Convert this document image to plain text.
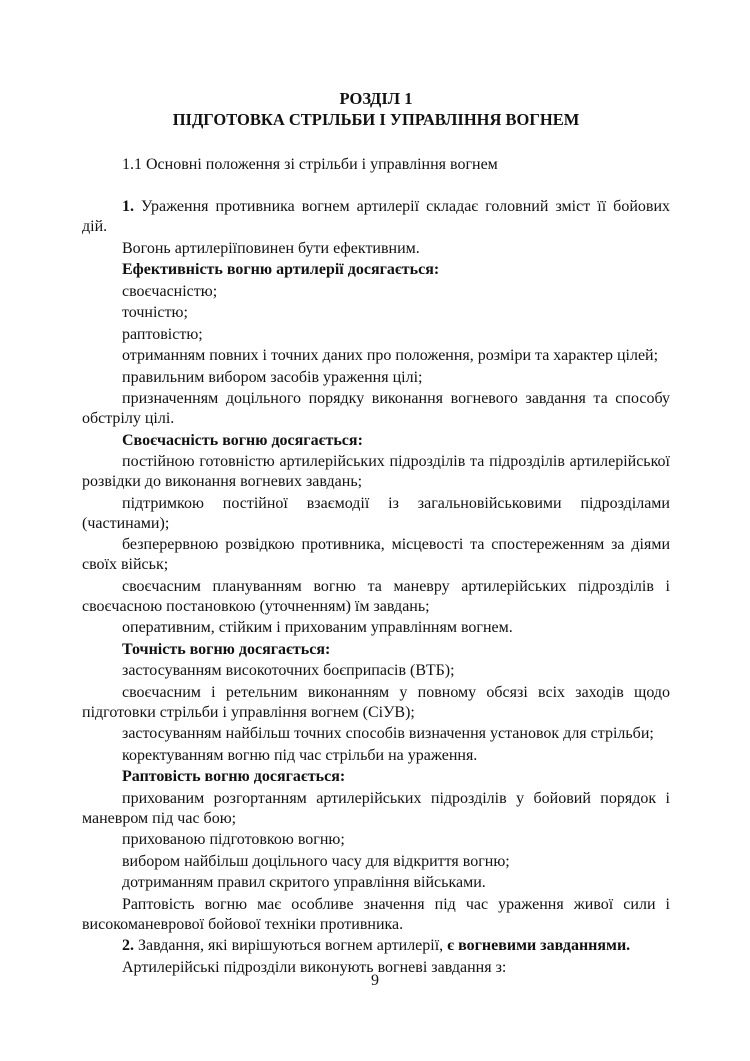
РОЗДІЛ 1
ПІДГОТОВКА СТРІЛЬБИ І УПРАВЛІННЯ ВОГНЕМ
1.1 Основні положення зі стрільби і управління вогнем
1. Ураження противника вогнем артилерії складає головний зміст її бойових дій.
Вогонь артилеріїповинен бути ефективним.
Ефективність вогню артилерії досягається:
своєчасністю;
точністю;
раптовістю;
отриманням повних і точних даних про положення, розміри та характер цілей;
правильним вибором засобів ураження цілі;
призначенням доцільного порядку виконання вогневого завдання та способу обстрілу цілі.
Своєчасність вогню досягається:
постійною готовністю артилерійських підрозділів та підрозділів артилерійської розвідки до виконання вогневих завдань;
підтримкою постійної взаємодії із загальновійськовими підрозділами (частинами);
безперервною розвідкою противника, місцевості та спостереженням за діями своїх військ;
своєчасним плануванням вогню та маневру артилерійських підрозділів і своєчасною постановкою (уточненням) їм завдань;
оперативним, стійким і прихованим управлінням вогнем.
Точність вогню досягається:
застосуванням високоточних боєприпасів (ВТБ);
своєчасним і ретельним виконанням у повному обсязі всіх заходів щодо підготовки стрільби і управління вогнем (СіУВ);
застосуванням найбільш точних способів визначення установок для стрільби;
коректуванням вогню під час стрільби на ураження.
Раптовість вогню досягається:
прихованим розгортанням артилерійських підрозділів у бойовий порядок і маневром під час бою;
прихованою підготовкою вогню;
вибором найбільш доцільного часу для відкриття вогню;
дотриманням правил скритого управління військами.
Раптовість вогню має особливе значення під час ураження живої сили і високоманеврової бойової техніки противника.
2. Завдання, які вирішуються вогнем артилерії, є вогневими завданнями.
Артилерійські підрозділи виконують вогневі завдання з:
9
